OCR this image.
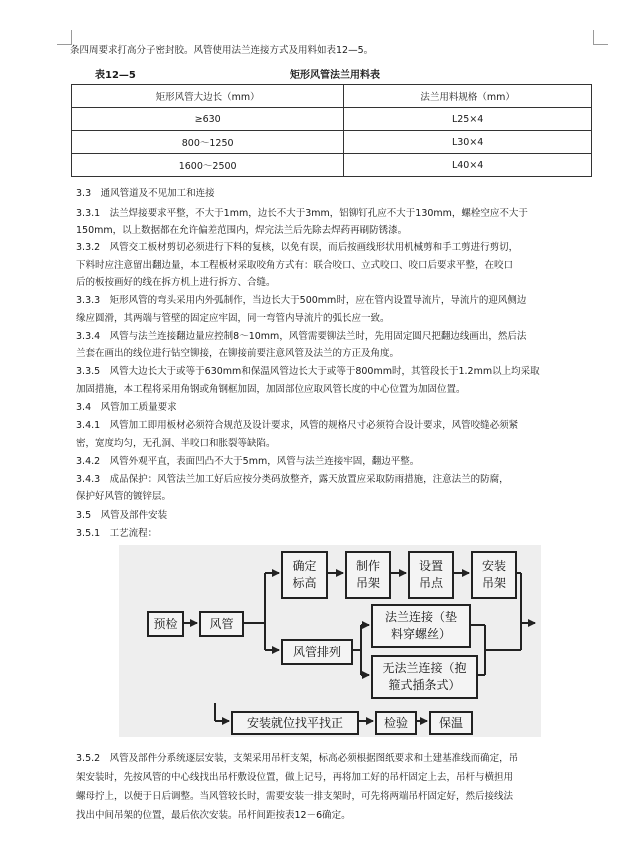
条四周要求打高分子密封胶。风管使用法兰连接方式及用料如表12—5。
表12—5	矩形风管法兰用料表
矩形风管大边长（mm）	法兰用料规格（mm）
≥630	L25×4
800～1250	L30×4
1600～2500	L40×4
3.3　通风管道及不见加工和连接
3.3.1　法兰焊接要求平整，不大于1mm，边长不大于3mm，铝铆钉孔应不大于130mm，螺栓空应不大于
150mm，以上数据都在允许偏差范围内，焊完法兰后先除去焊药再刷防锈漆。
3.3.2　风管交工板材剪切必须进行下料的复核，以免有误，而后按画线形状用机械剪和手工剪进行剪切，
下料时应注意留出翻边量，本工程板材采取咬角方式有：联合咬口、立式咬口、咬口后要求平整，在咬口
后的板按画好的线在拆方机上进行拆方、合缝。
3.3.3　矩形风管的弯头采用内外弧制作，当边长大于500mm时，应在管内设置导流片，导流片的迎风侧边
缘应圆滑，其两端与管壁的固定应牢固，同一弯管内导流片的弧长应一致。
3.3.4　风管与法兰连接翻边量应控制8～10mm，风管需要铆法兰时，先用固定圆尺把翻边线画出，然后法
兰套在画出的线位进行钻空铆接，在铆接前要注意风管及法兰的方正及角度。
3.3.5　风管大边长大于或等于630mm和保温风管边长大于或等于800mm时，其管段长于1.2mm以上均采取
加固措施，本工程将采用角钢或角钢框加固，加固部位应取风管长度的中心位置为加固位置。
3.4　风管加工质量要求
3.4.1　风管加工即用板材必须符合规范及设计要求，风管的规格尺寸必须符合设计要求，风管咬缝必须紧
密，宽度均匀，无孔洞、半咬口和胀裂等缺陷。
3.4.2　风管外观平直，表面凹凸不大于5mm，风管与法兰连接牢固，翻边平整。
3.4.3　成品保护：风管法兰加工好后应按分类码放整齐，露天放置应采取防雨措施，注意法兰的防腐，
保护好风管的镀锌层。
3.5　风管及部件安装
3.5.1　工艺流程：
预检	风管
确定
标高
制作
吊架
设置
吊点
安装
吊架
风管排列
法兰连接（垫
料穿螺丝）
无法兰连接（抱
箍式插条式）
安装就位找平找正	检验	保温
3.5.2　风管及部件分系统逐层安装，支架采用吊杆支架，标高必须根据图纸要求和土建基准线而确定，吊
架安装时，先按风管的中心线找出吊杆敷设位置，做上记号，再将加工好的吊杆固定上去，吊杆与横担用
螺母拧上，以便于日后调整。当风管较长时，需要安装一排支架时，可先将两端吊杆固定好，然后接线法
找出中间吊架的位置，最后依次安装。吊杆间距按表12－6确定。
